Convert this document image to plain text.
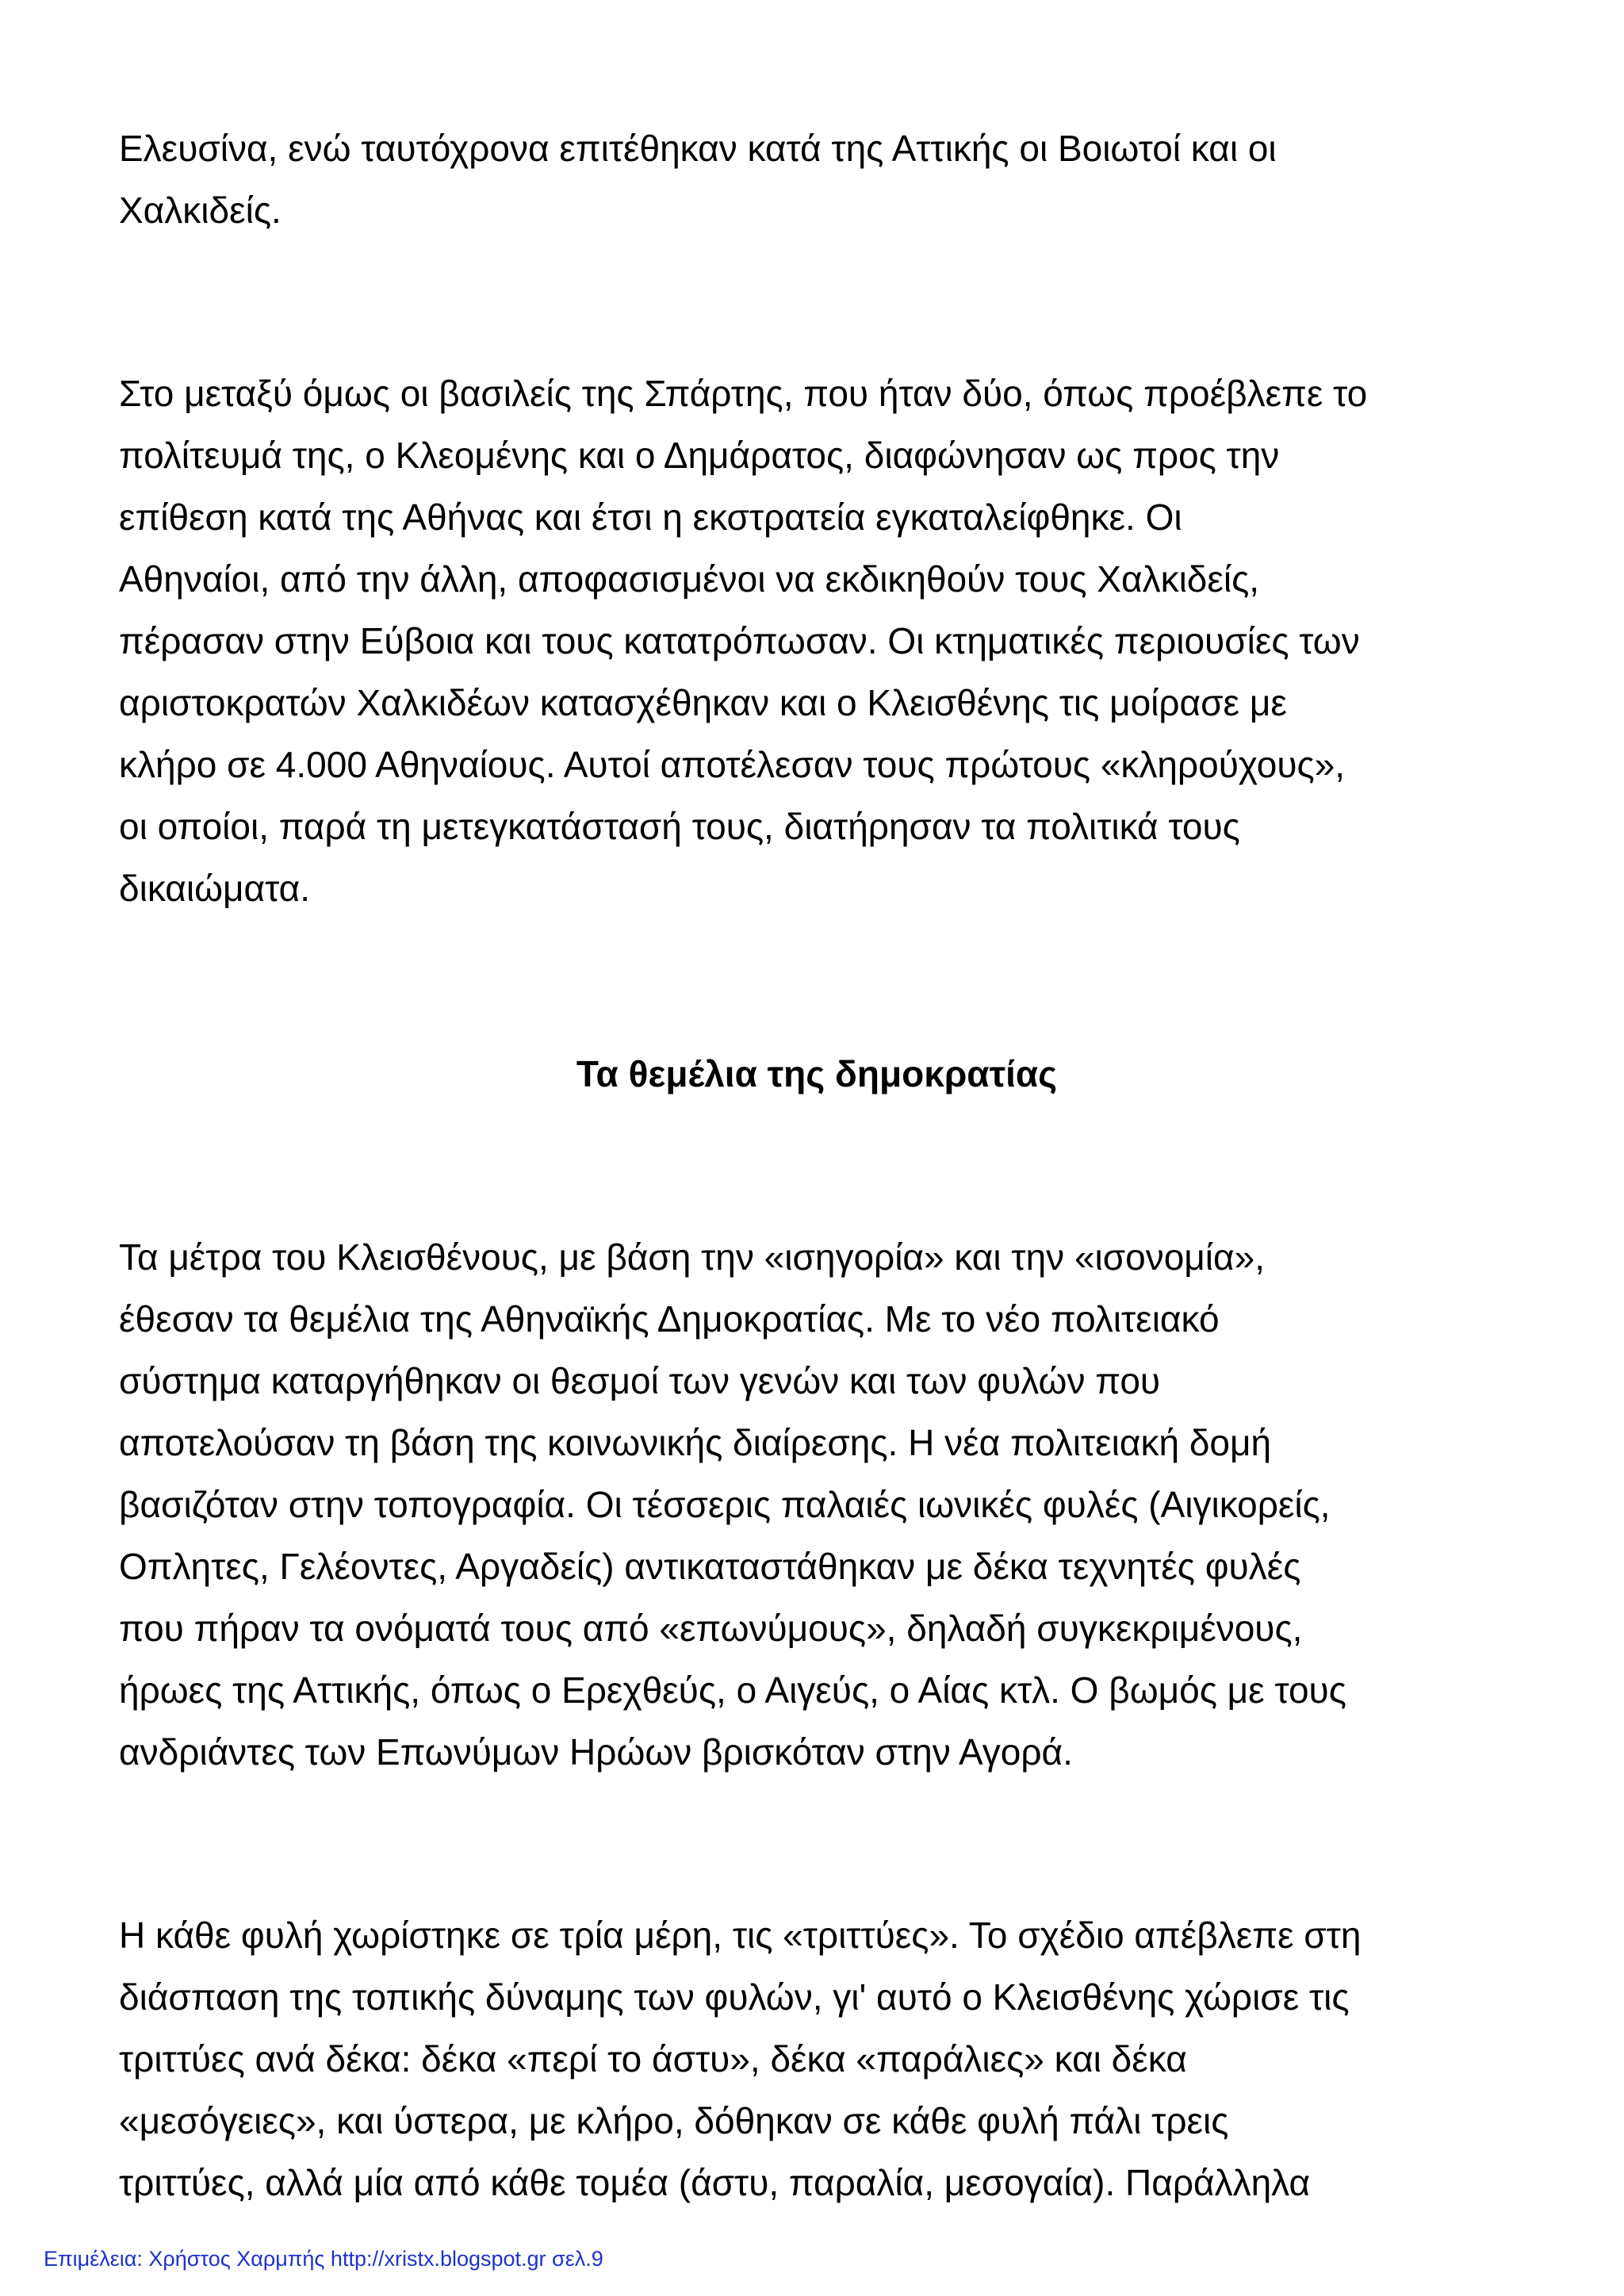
Ελευσίνα, ενώ ταυτόχρονα επιτέθηκαν κατά της Αττικής οι Βοιωτοί και οι
Χαλκιδείς.

Στο μεταξύ όμως οι βασιλείς της Σπάρτης, που ήταν δύο, όπως προέβλεπε το
πολίτευμά της, ο Κλεομένης και ο Δημάρατος, διαφώνησαν ως προς την
επίθεση κατά της Αθήνας και έτσι η εκστρατεία εγκαταλείφθηκε. Οι
Αθηναίοι, από την άλλη, αποφασισμένοι να εκδικηθούν τους Χαλκιδείς,
πέρασαν στην Εύβοια και τους κατατρόπωσαν. Οι κτηματικές περιουσίες των
αριστοκρατών Χαλκιδέων κατασχέθηκαν και ο Κλεισθένης τις μοίρασε με
κλήρο σε 4.000 Αθηναίους. Αυτοί αποτέλεσαν τους πρώτους «κληρούχους»,
οι οποίοι, παρά τη μετεγκατάστασή τους, διατήρησαν τα πολιτικά τους
δικαιώματα.

Τα θεμέλια της δημοκρατίας

Τα μέτρα του Κλεισθένους, με βάση την «ισηγορία» και την «ισονομία»,
έθεσαν τα θεμέλια της Αθηναϊκής Δημοκρατίας. Με το νέο πολιτειακό
σύστημα καταργήθηκαν οι θεσμοί των γενών και των φυλών που
αποτελούσαν τη βάση της κοινωνικής διαίρεσης. Η νέα πολιτειακή δομή
βασιζόταν στην τοπογραφία. Οι τέσσερις παλαιές ιωνικές φυλές (Αιγικορείς,
Οπλητες, Γελέοντες, Αργαδείς) αντικαταστάθηκαν με δέκα τεχνητές φυλές
που πήραν τα ονόματά τους από «επωνύμους», δηλαδή συγκεκριμένους,
ήρωες της Αττικής, όπως ο Ερεχθεύς, ο Αιγεύς, ο Αίας κτλ. Ο βωμός με τους
ανδριάντες των Επωνύμων Ηρώων βρισκόταν στην Αγορά.

Η κάθε φυλή χωρίστηκε σε τρία μέρη, τις «τριττύες». Το σχέδιο απέβλεπε στη
διάσπαση της τοπικής δύναμης των φυλών, γι' αυτό ο Κλεισθένης χώρισε τις
τριττύες ανά δέκα: δέκα «περί το άστυ», δέκα «παράλιες» και δέκα
«μεσόγειες», και ύστερα, με κλήρο, δόθηκαν σε κάθε φυλή πάλι τρεις
τριττύες, αλλά μία από κάθε τομέα (άστυ, παραλία, μεσογαία). Παράλληλα

Επιμέλεια: Χρήστος Χαρμπής http://xristx.blogspot.gr σελ.9
